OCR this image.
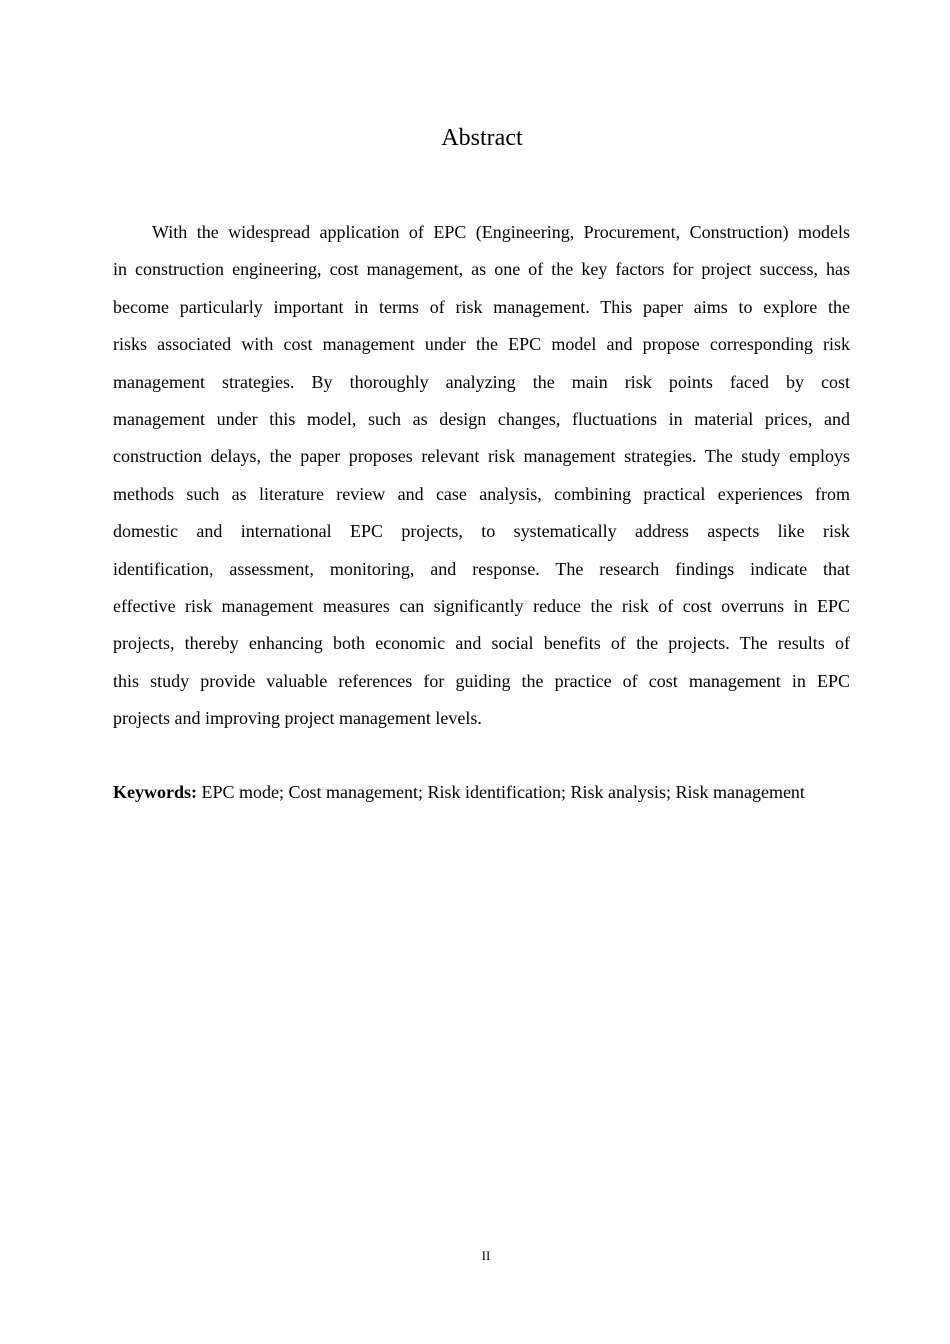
Abstract
With the widespread application of EPC (Engineering, Procurement, Construction) models
in construction engineering, cost management, as one of the key factors for project success, has
become particularly important in terms of risk management. This paper aims to explore the
risks associated with cost management under the EPC model and propose corresponding risk
management strategies. By thoroughly analyzing the main risk points faced by cost
management under this model, such as design changes, fluctuations in material prices, and
construction delays, the paper proposes relevant risk management strategies. The study employs
methods such as literature review and case analysis, combining practical experiences from
domestic and international EPC projects, to systematically address aspects like risk
identification, assessment, monitoring, and response. The research findings indicate that
effective risk management measures can significantly reduce the risk of cost overruns in EPC
projects, thereby enhancing both economic and social benefits of the projects. The results of
this study provide valuable references for guiding the practice of cost management in EPC
projects and improving project management levels.
Keywords: EPC mode; Cost management; Risk identification; Risk analysis; Risk management
II
